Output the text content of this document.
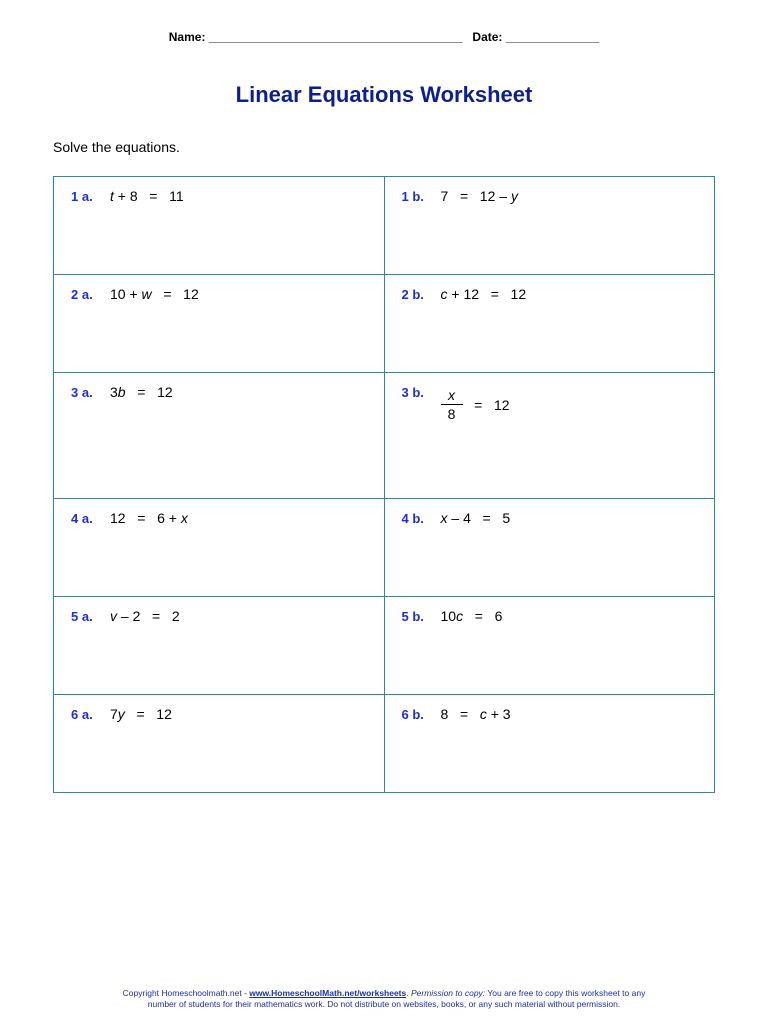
Name: ______________________________________ Date: ______________
Linear Equations Worksheet
Solve the equations.
1 a. t + 8   =   11	1 b. 7   =   12 – y

2 a. 10 + w   =   12	2 b. c + 12   =   12

3 a. 3b   =   12	3 b. $\frac{x}{8} = 12$

4 a. 12   =   6 + x	4 b. x – 4   =   5

5 a. v – 2   =   2	5 b. 10c   =   6

6 a. 7y   =   12	6 b. 8   =   c + 3
Copyright Homeschoolmath.net - www.HomeschoolMath.net/worksheets. Permission to copy: You are free to copy this worksheet to any
number of students for their mathematics work. Do not distribute on websites, books, or any such material without permission.
